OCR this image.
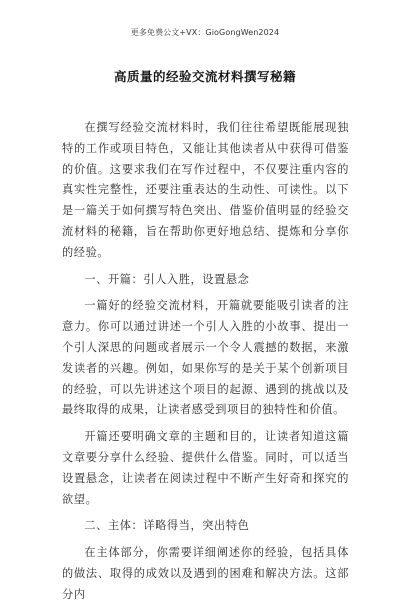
更多免费公文+VX：GioGongWen2024
高质量的经验交流材料撰写秘籍

在撰写经验交流材料时，我们往往希望既能展现独特的工作或项目特色，又能让其他读者从中获得可借鉴的价值。这要求我们在写作过程中，不仅要注重内容的真实性完整性，还要注重表达的生动性、可读性。以下是一篇关于如何撰写特色突出、借鉴价值明显的经验交流材料的秘籍，旨在帮助你更好地总结、提炼和分享你的经验。

一、开篇：引人入胜，设置悬念

一篇好的经验交流材料，开篇就要能吸引读者的注意力。你可以通过讲述一个引人入胜的小故事、提出一个引人深思的问题或者展示一个令人震撼的数据，来激发读者的兴趣。例如，如果你写的是关于某个创新项目的经验，可以先讲述这个项目的起源、遇到的挑战以及最终取得的成果，让读者感受到项目的独特性和价值。

开篇还要明确文章的主题和目的，让读者知道这篇文章要分享什么经验、提供什么借鉴。同时，可以适当设置悬念，让读者在阅读过程中不断产生好奇和探究的欲望。

二、主体：详略得当，突出特色

在主体部分，你需要详细阐述你的经验，包括具体的做法、取得的成效以及遇到的困难和解决方法。这部分内
